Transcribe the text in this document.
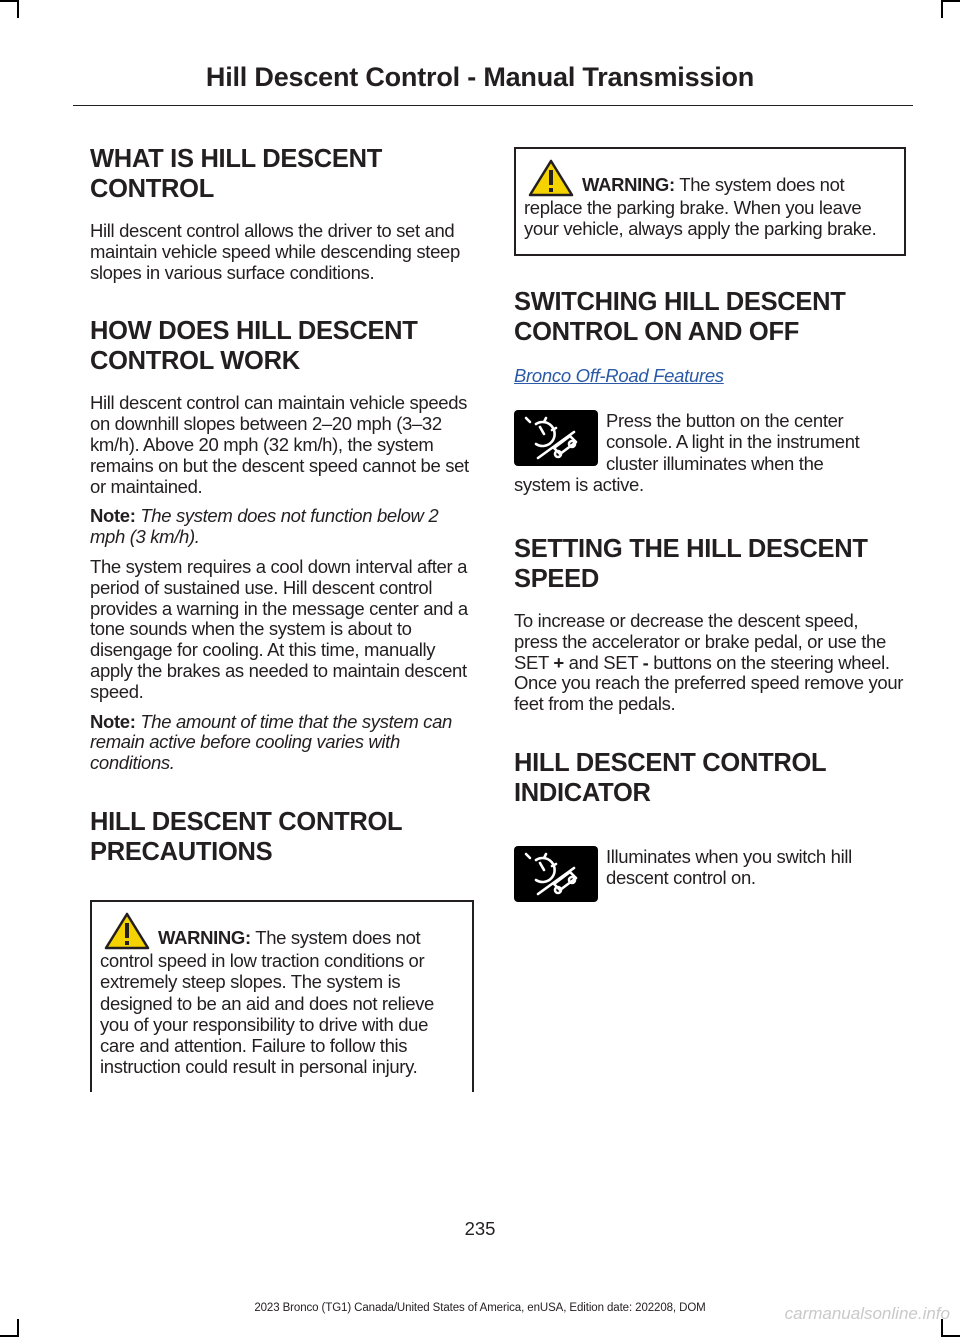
Hill Descent Control - Manual Transmission
WHAT IS HILL DESCENT
CONTROL

Hill descent control allows the driver to set and maintain vehicle speed while descending steep slopes in various surface conditions.

HOW DOES HILL DESCENT
CONTROL WORK

Hill descent control can maintain vehicle speeds on downhill slopes between 2–20 mph (3–32 km/h). Above 20 mph (32 km/h), the system remains on but the descent speed cannot be set or maintained.

Note: The system does not function below 2 mph (3 km/h).

The system requires a cool down interval after a period of sustained use. Hill descent control provides a warning in the message center and a tone sounds when the system is about to disengage for cooling. At this time, manually apply the brakes as needed to maintain descent speed.

Note: The amount of time that the system can remain active before cooling varies with conditions.

HILL DESCENT CONTROL
PRECAUTIONS
WARNING: The system does not control speed in low traction conditions or extremely steep slopes. The system is designed to be an aid and does not relieve you of your responsibility to drive with due care and attention. Failure to follow this instruction could result in personal injury.
WARNING: The system does not replace the parking brake. When you leave your vehicle, always apply the parking brake.
SWITCHING HILL DESCENT
CONTROL ON AND OFF
Bronco Off-Road Features
Press the button on the center console. A light in the instrument cluster illuminates when the
system is active.
SETTING THE HILL DESCENT
SPEED

To increase or decrease the descent speed, press the accelerator or brake pedal, or use the SET + and SET - buttons on the steering wheel. Once you reach the preferred speed remove your feet from the pedals.

HILL DESCENT CONTROL
INDICATOR
Illuminates when you switch hill descent control on.
235
2023 Bronco (TG1) Canada/United States of America, enUSA, Edition date: 202208, DOM	carmanualsonline.info
